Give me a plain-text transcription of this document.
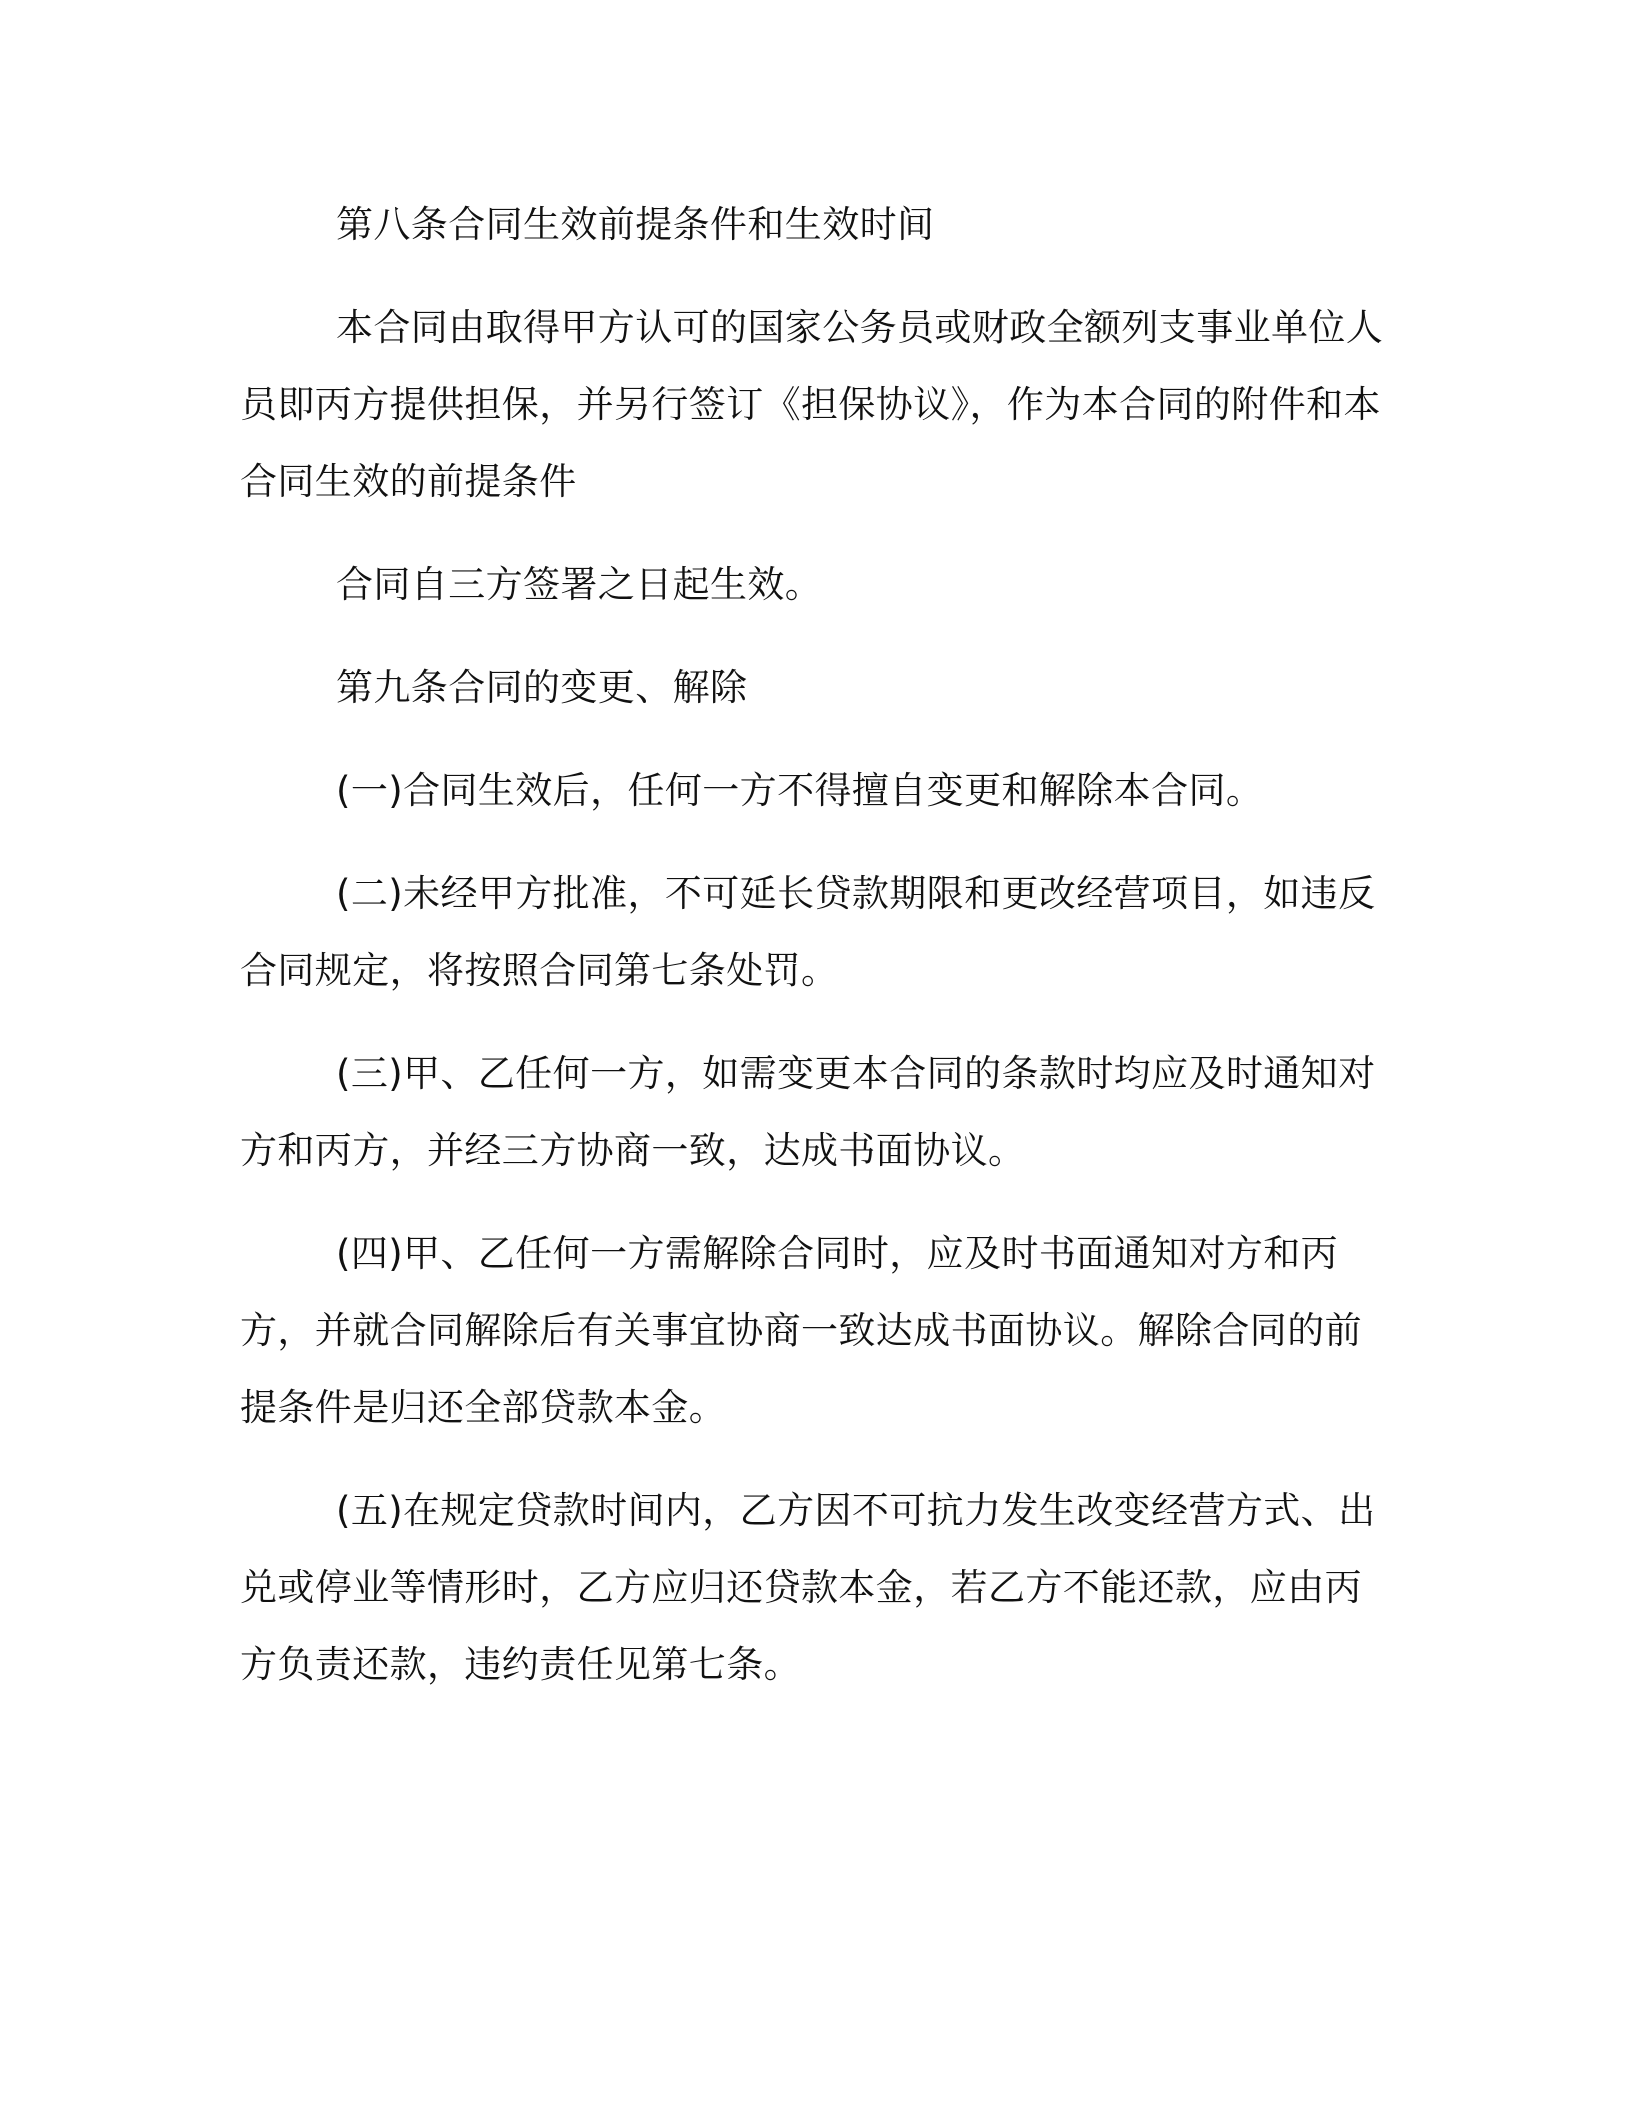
第八条合同生效前提条件和生效时间

本合同由取得甲方认可的国家公务员或财政全额列支事业单位人员即丙方提供担保，并另行签订《担保协议》，作为本合同的附件和本合同生效的前提条件

合同自三方签署之日起生效。

第九条合同的变更、解除

(一)合同生效后，任何一方不得擅自变更和解除本合同。

(二)未经甲方批准，不可延长贷款期限和更改经营项目，如违反合同规定，将按照合同第七条处罚。

(三)甲、乙任何一方，如需变更本合同的条款时均应及时通知对方和丙方，并经三方协商一致，达成书面协议。

(四)甲、乙任何一方需解除合同时，应及时书面通知对方和丙方，并就合同解除后有关事宜协商一致达成书面协议。解除合同的前提条件是归还全部贷款本金。

(五)在规定贷款时间内，乙方因不可抗力发生改变经营方式、出兑或停业等情形时，乙方应归还贷款本金，若乙方不能还款，应由丙方负责还款，违约责任见第七条。
